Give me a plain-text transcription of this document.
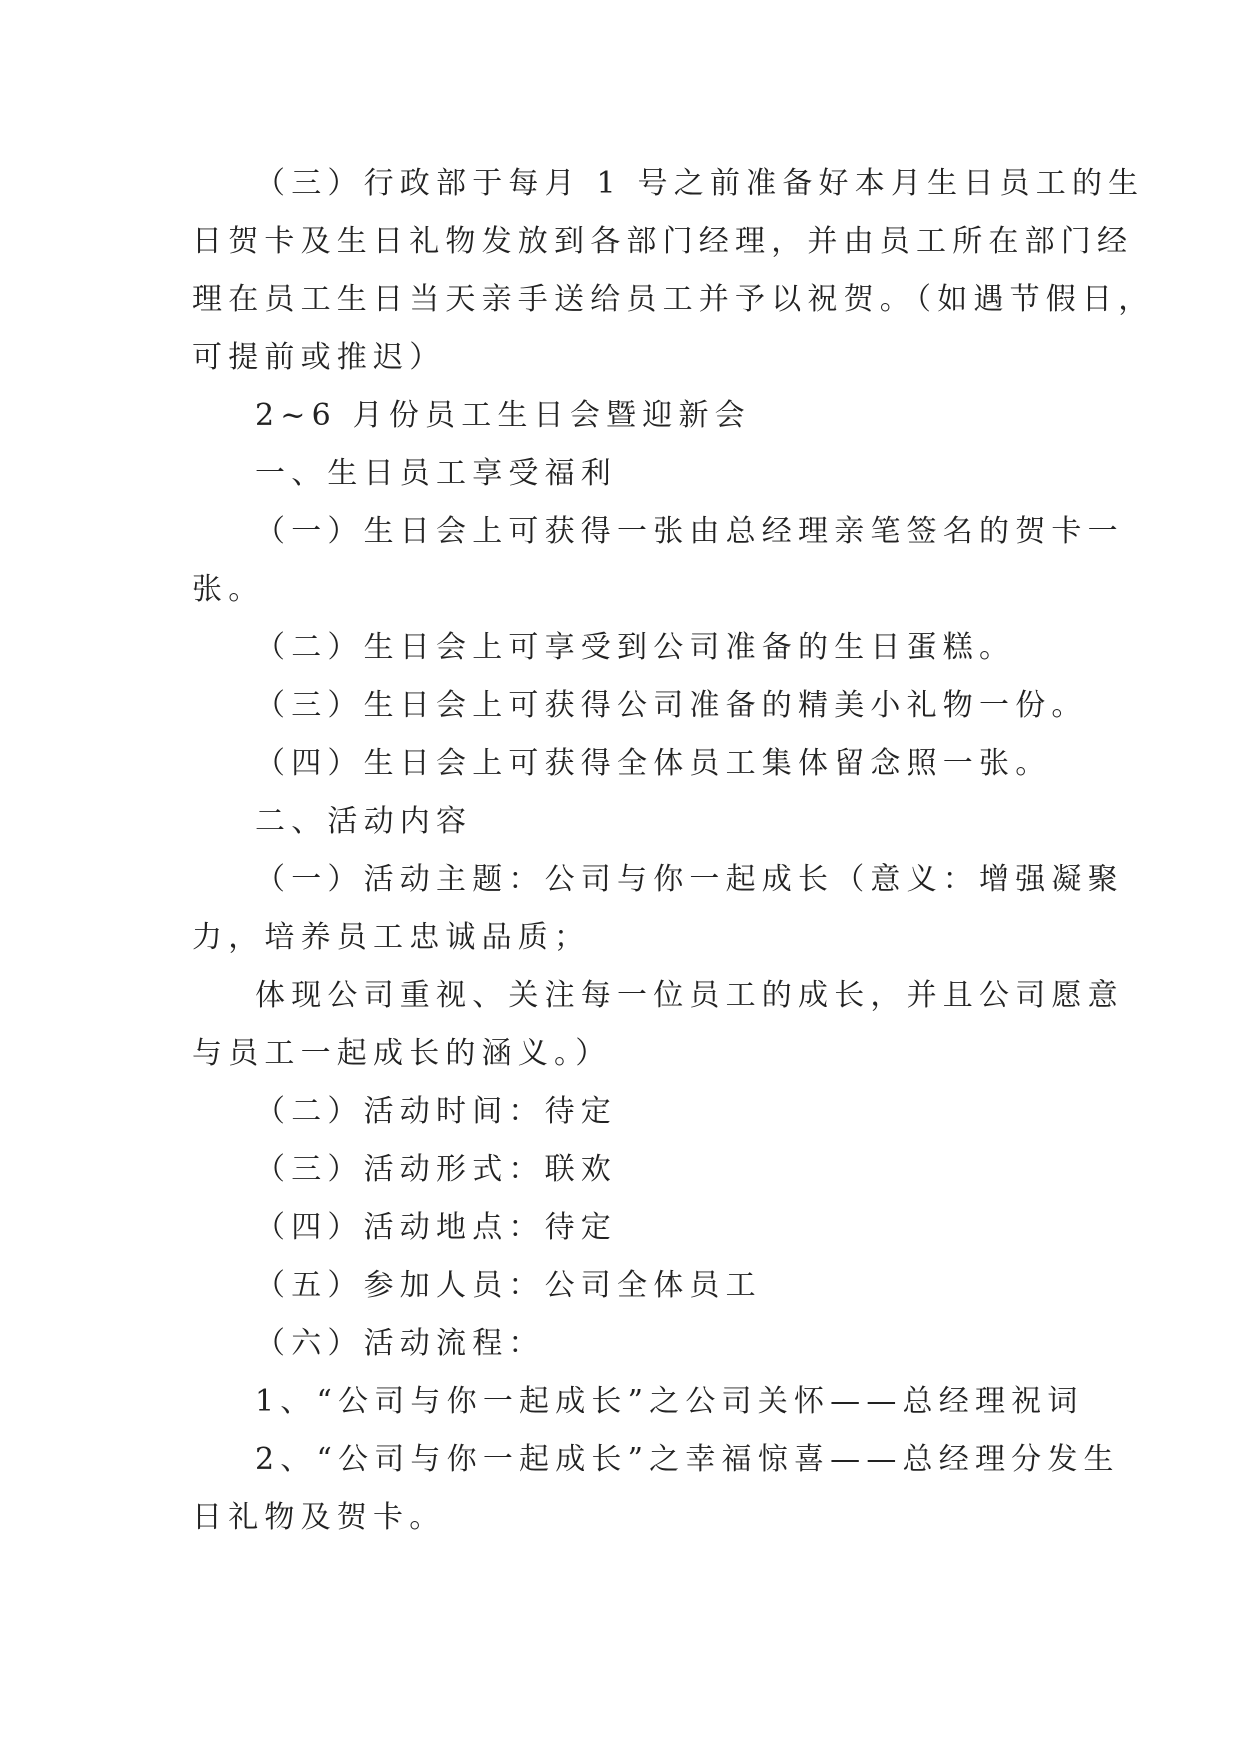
（三）行政部于每月 1 号之前准备好本月生日员工的生
日贺卡及生日礼物发放到各部门经理，并由员工所在部门经
理在员工生日当天亲手送给员工并予以祝贺。（如遇节假日，
可提前或推迟）
2~6 月份员工生日会暨迎新会
一、生日员工享受福利
（一）生日会上可获得一张由总经理亲笔签名的贺卡一
张。
（二）生日会上可享受到公司准备的生日蛋糕。
（三）生日会上可获得公司准备的精美小礼物一份。
（四）生日会上可获得全体员工集体留念照一张。
二、活动内容
（一）活动主题：公司与你一起成长（意义：增强凝聚
力，培养员工忠诚品质；
体现公司重视、关注每一位员工的成长，并且公司愿意
与员工一起成长的涵义。）
（二）活动时间：待定
（三）活动形式：联欢
（四）活动地点：待定
（五）参加人员：公司全体员工
（六）活动流程：
1、“公司与你一起成长”之公司关怀——总经理祝词
2、“公司与你一起成长”之幸福惊喜——总经理分发生
日礼物及贺卡。
